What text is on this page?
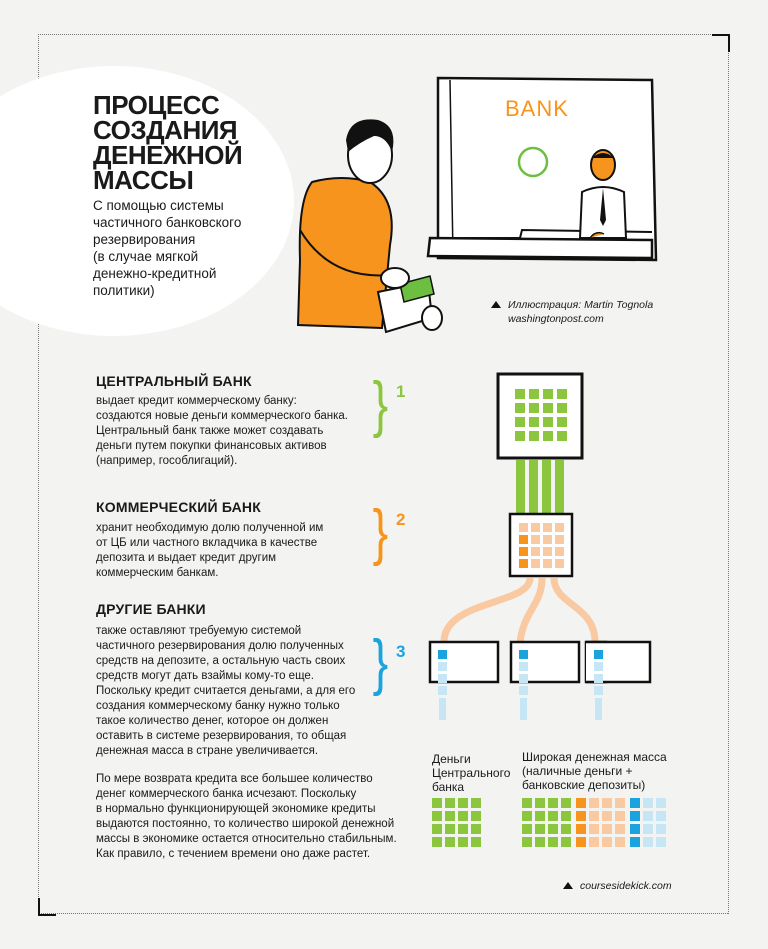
ПРОЦЕСС
СОЗДАНИЯ
ДЕНЕЖНОЙ
МАССЫ
С помощью системы
частичного банковского
резервирования
(в случае мягкой
денежно-кредитной
политики)
BANK
Иллюстрация: Martin Tognola
washingtonpost.com
ЦЕНТРАЛЬНЫЙ БАНК
выдает кредит коммерческому банку:
создаются новые деньги коммерческого банка.
Центральный банк также может создавать
деньги путем покупки финансовых активов
(например, гособлигаций).
} 1
КОММЕРЧЕСКИЙ БАНК
хранит необходимую долю полученной им
от ЦБ или частного вкладчика в качестве
депозита и выдает кредит другим
коммерческим банкам.
} 2
ДРУГИЕ БАНКИ
также оставляют требуемую системой
частичного резервирования долю полученных
средств на депозите, а остальную часть своих
средств могут дать взаймы кому-то еще.
Поскольку кредит считается деньгами, а для его
создания коммерческому банку нужно только
такое количество денег, которое он должен
оставить в системе резервирования, то общая
денежная масса в стране увеличивается.
} 3
Деньги
Центрального
банка
Широкая денежная масса
(наличные деньги +
банковские депозиты)
По мере возврата кредита все большее количество
денег коммерческого банка исчезают. Поскольку
в нормально функционирующей экономике кредиты
выдаются постоянно, то количество широкой денежной
массы в экономике остается относительно стабильным.
Как правило, с течением времени оно даже растет.
coursesidekick.com
